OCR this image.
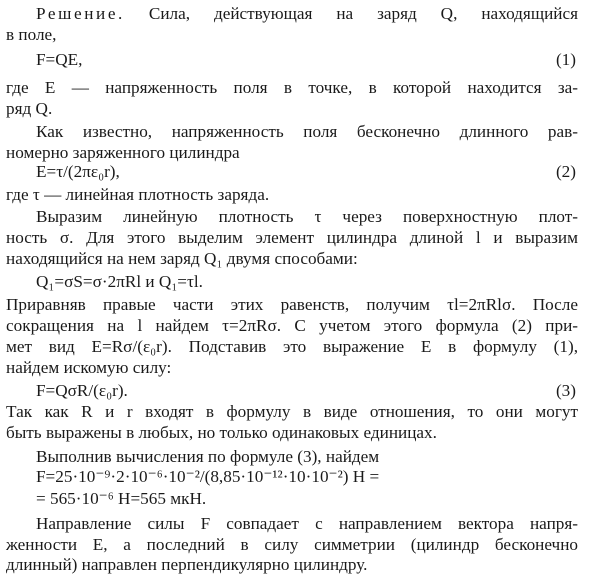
Решение. Сила, действующая на заряд Q, находящийся
в поле,
F=QE,	(1)
где E — напряженность поля в точке, в которой находится за-
ряд Q.
Как известно, напряженность поля бесконечно длинного рав-
номерно заряженного цилиндра
E=τ/(2πε₀r),	(2)
где τ — линейная плотность заряда.
Выразим линейную плотность τ через поверхностную плот-
ность σ. Для этого выделим элемент цилиндра длиной l и выразим
находящийся на нем заряд Q₁ двумя способами:
Q₁=σS=σ·2πRl и Q₁=τl.
Приравняв правые части этих равенств, получим τl=2πRlσ. После
сокращения на l найдем τ=2πRσ. С учетом этого формула (2) при-
мет вид E=Rσ/(ε₀r). Подставив это выражение E в формулу (1),
найдем искомую силу:
F=QσR/(ε₀r).	(3)
Так как R и r входят в формулу в виде отношения, то они могут
быть выражены в любых, но только одинаковых единицах.
Выполнив вычисления по формуле (3), найдем
F=25·10⁻⁹·2·10⁻⁶·10⁻²/(8,85·10⁻¹²·10·10⁻²) Н =
= 565·10⁻⁶ Н=565 мкН.
Направление силы F совпадает с направлением вектора напря-
женности E, а последний в силу симметрии (цилиндр бесконечно
длинный) направлен перпендикулярно цилиндру.
